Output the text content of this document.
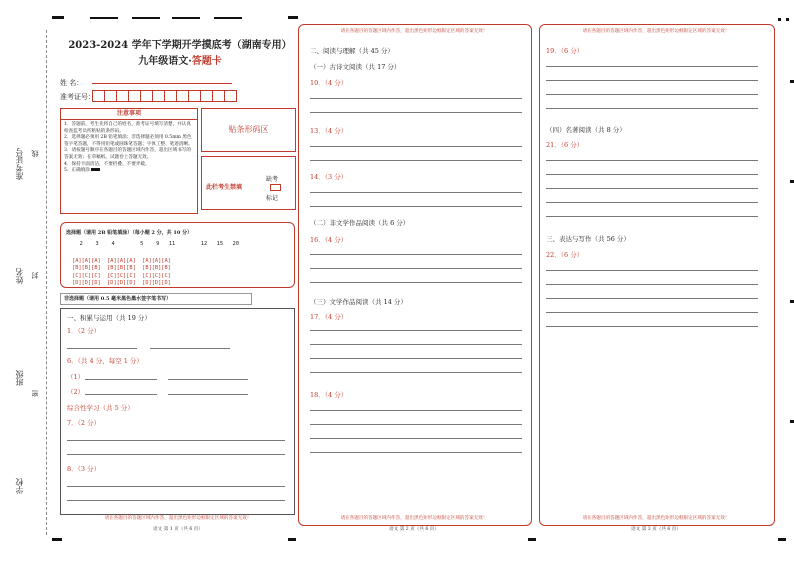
准考证号 线
姓名 封
班级
密
学校
2023-2024 学年下学期开学摸底考（湖南专用）
九年级语文·答题卡
姓 名：
准考证号：
注意事项
1．答题前，考生先将自己的姓名，准考证号填写清楚，并认真检查监考员所粘贴的条形码。
2．选择题必须用 2B 铅笔填涂；非选择题必须用 0.5mm 黑色签字笔答题，不得用铅笔或圆珠笔答题；字体工整、笔迹清晰。
3．请按题号顺序在各题目的答题区域内作答，超出区域书写的答案无效；在草稿纸、试题卷上答题无效。
4．保持卡面清洁，不要折叠、不要弄破。
5．正确填涂
贴条形码区
此栏考生禁填
缺考
标记
选择题（请用 2B 铅笔填涂）（每小题 2 分，共 10 分）
2    3    4        5    9   11        12   15   20

[A][A][A]  [A][A][A]  [A][A][A]
[B][B][B]  [B][B][B]  [B][B][B]
[C][C][C]  [C][C][C]  [C][C][C]
[D][D][D]  [D][D][D]  [D][D][D]
非选择题（请用 0.5 毫米黑色墨水签字笔书写）
一、积累与运用（共 19 分）
1．（2 分）
6．（共 4 分，每空 1 分）
（1）
（2）
综合性学习（共 5 分）
7．（2 分）
8．（3 分）
请在各题目的答题区域内作答，超出黑色矩形边框限定区域的答案无效！
语文 第 1 页（共 6 页）
请在各题目的答题区域内作答，超出黑色矩形边框限定区域的答案无效！
二、阅读与理解（共 45 分）
（一）古诗文阅读（共 17 分）
10．（4 分）
13．（4 分）
14．（3 分）
（二）非文学作品阅读（共 6 分）
16．（4 分）
（三）文学作品阅读（共 14 分）
17．（4 分）
18．（4 分）
请在各题目的答题区域内作答，超出黑色矩形边框限定区域的答案无效！
语文 第 2 页（共 6 页）
请在各题目的答题区域内作答，超出黑色矩形边框限定区域的答案无效！
19．（6 分）
（四）名著阅读（共 8 分）
21．（6 分）
三、表达与写作（共 56 分）
22．（6 分）
请在各题目的答题区域内作答，超出黑色矩形边框限定区域的答案无效！
语文 第 3 页（共 6 页）
